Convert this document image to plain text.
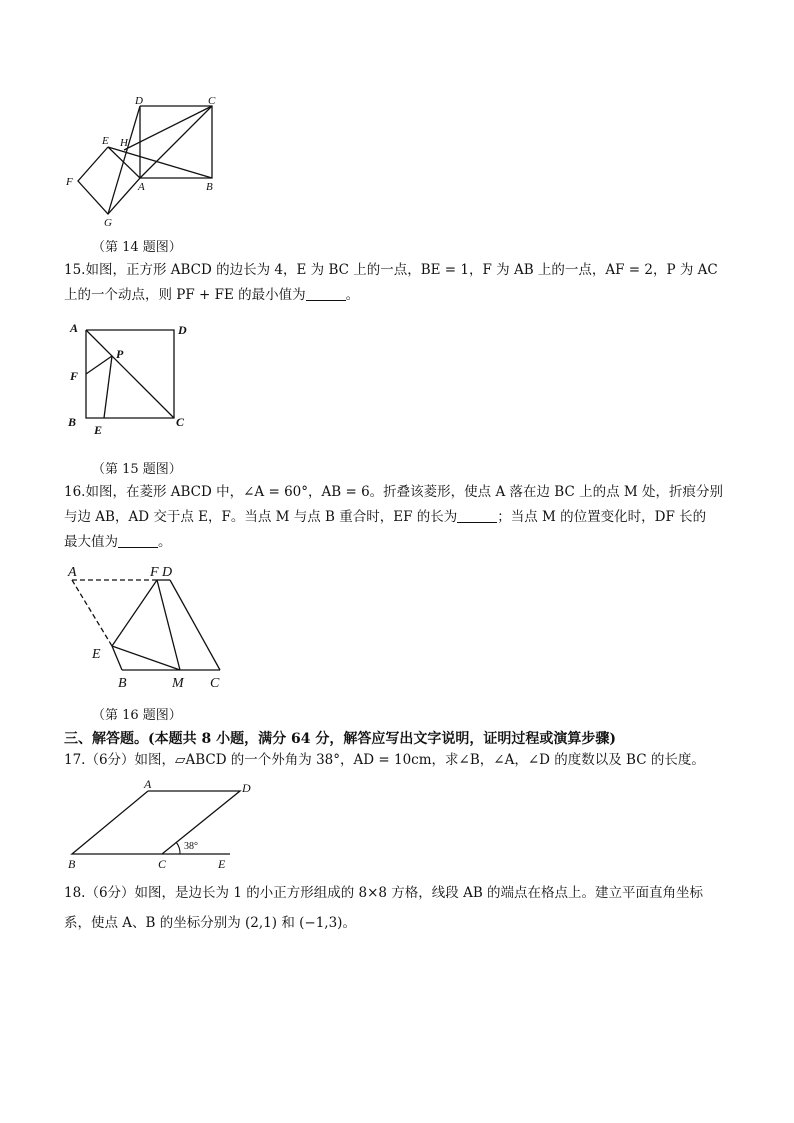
D	C
E H
F	A	B
G
（第 14 题图）
15.如图，正方形 ABCD 的边长为 4，E 为 BC 上的一点，BE = 1，F 为 AB 上的一点，AF = 2，P 为 AC
上的一个动点，则 PF + FE 的最小值为	。
A	D
P
F
B
E
C
（第 15 题图）
16.如图，在菱形 ABCD 中，∠A = 60°，AB = 6。折叠该菱形，使点 A 落在边 BC 上的点 M 处，折痕分别
与边 AB，AD 交于点 E，F。当点 M 与点 B 重合时，EF 的长为	；当点 M 的位置变化时，DF 长的
最大值为	。
A	F D
E
B	M C
（第 16 题图）
三、解答题。(本题共 8 小题，满分 64 分，解答应写出文字说明，证明过程或演算步骤)
17.（6分）如图，▱ABCD 的一个外角为 38°，AD = 10cm，求∠B，∠A，∠D 的度数以及 BC 的长度。
A	D
B	C	E
38°
18.（6分）如图，是边长为 1 的小正方形组成的 8×8 方格，线段 AB 的端点在格点上。建立平面直角坐标
系，使点 A、B 的坐标分别为 (2,1) 和 (−1,3)。
